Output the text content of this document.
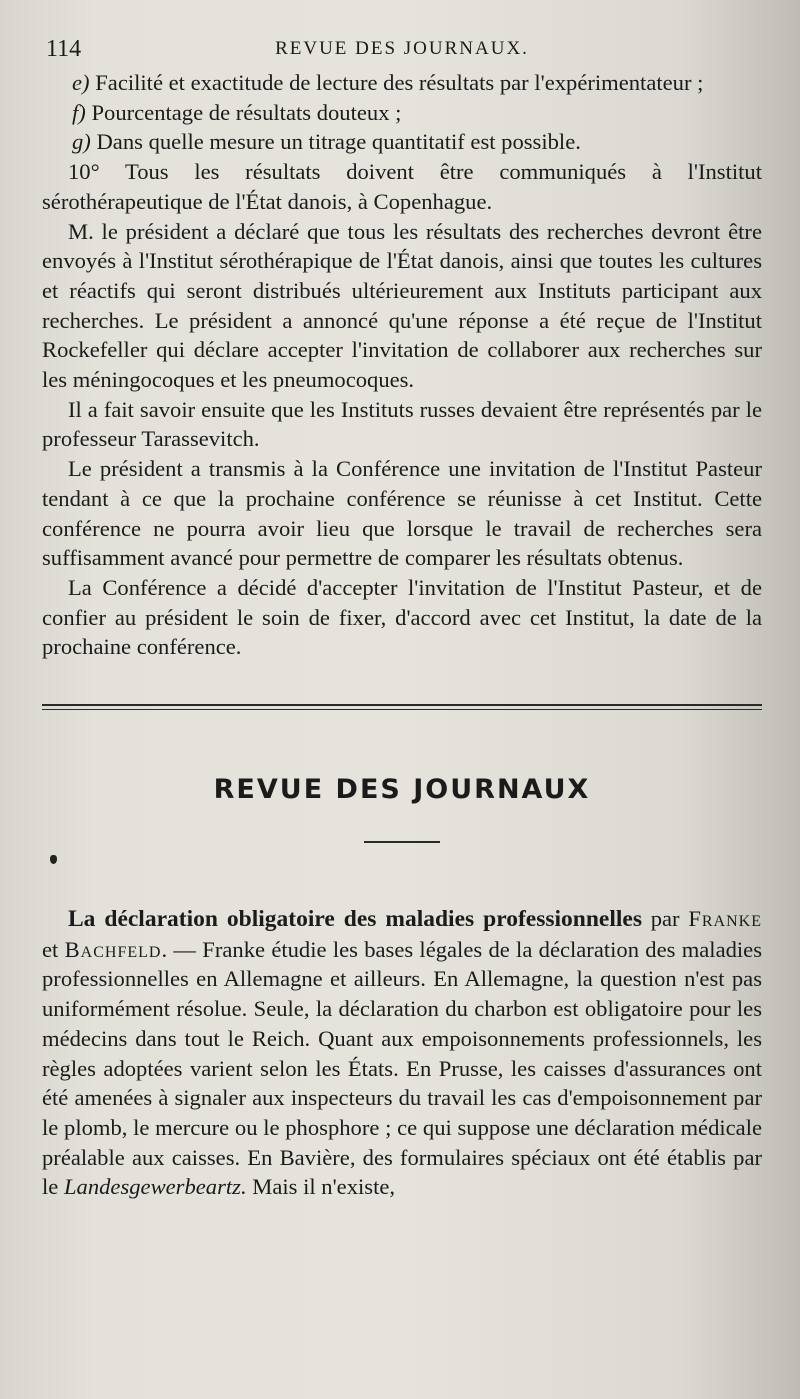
114	REVUE DES JOURNAUX.

e) Facilité et exactitude de lecture des résultats par l'expérimentateur ;

f) Pourcentage de résultats douteux ;

g) Dans quelle mesure un titrage quantitatif est possible.

10° Tous les résultats doivent être communiqués à l'Institut sérothérapeutique de l'État danois, à Copenhague.

M. le président a déclaré que tous les résultats des recherches devront être envoyés à l'Institut sérothérapique de l'État danois, ainsi que toutes les cultures et réactifs qui seront distribués ultérieurement aux Instituts participant aux recherches. Le président a annoncé qu'une réponse a été reçue de l'Institut Rockefeller qui déclare accepter l'invitation de collaborer aux recherches sur les méningocoques et les pneumocoques.

Il a fait savoir ensuite que les Instituts russes devaient être représentés par le professeur Tarassevitch.

Le président a transmis à la Conférence une invitation de l'Institut Pasteur tendant à ce que la prochaine conférence se réunisse à cet Institut. Cette conférence ne pourra avoir lieu que lorsque le travail de recherches sera suffisamment avancé pour permettre de comparer les résultats obtenus.

La Conférence a décidé d'accepter l'invitation de l'Institut Pasteur, et de confier au président le soin de fixer, d'accord avec cet Institut, la date de la prochaine conférence.

REVUE DES JOURNAUX

La déclaration obligatoire des maladies professionnelles par Franke et Bachfeld. — Franke étudie les bases légales de la déclaration des maladies professionnelles en Allemagne et ailleurs. En Allemagne, la question n'est pas uniformément résolue. Seule, la déclaration du charbon est obligatoire pour les médecins dans tout le Reich. Quant aux empoisonnements professionnels, les règles adoptées varient selon les États. En Prusse, les caisses d'assurances ont été amenées à signaler aux inspecteurs du travail les cas d'empoisonnement par le plomb, le mercure ou le phosphore ; ce qui suppose une déclaration médicale préalable aux caisses. En Bavière, des formulaires spéciaux ont été établis par le Landesgewerbeartz. Mais il n'existe,
